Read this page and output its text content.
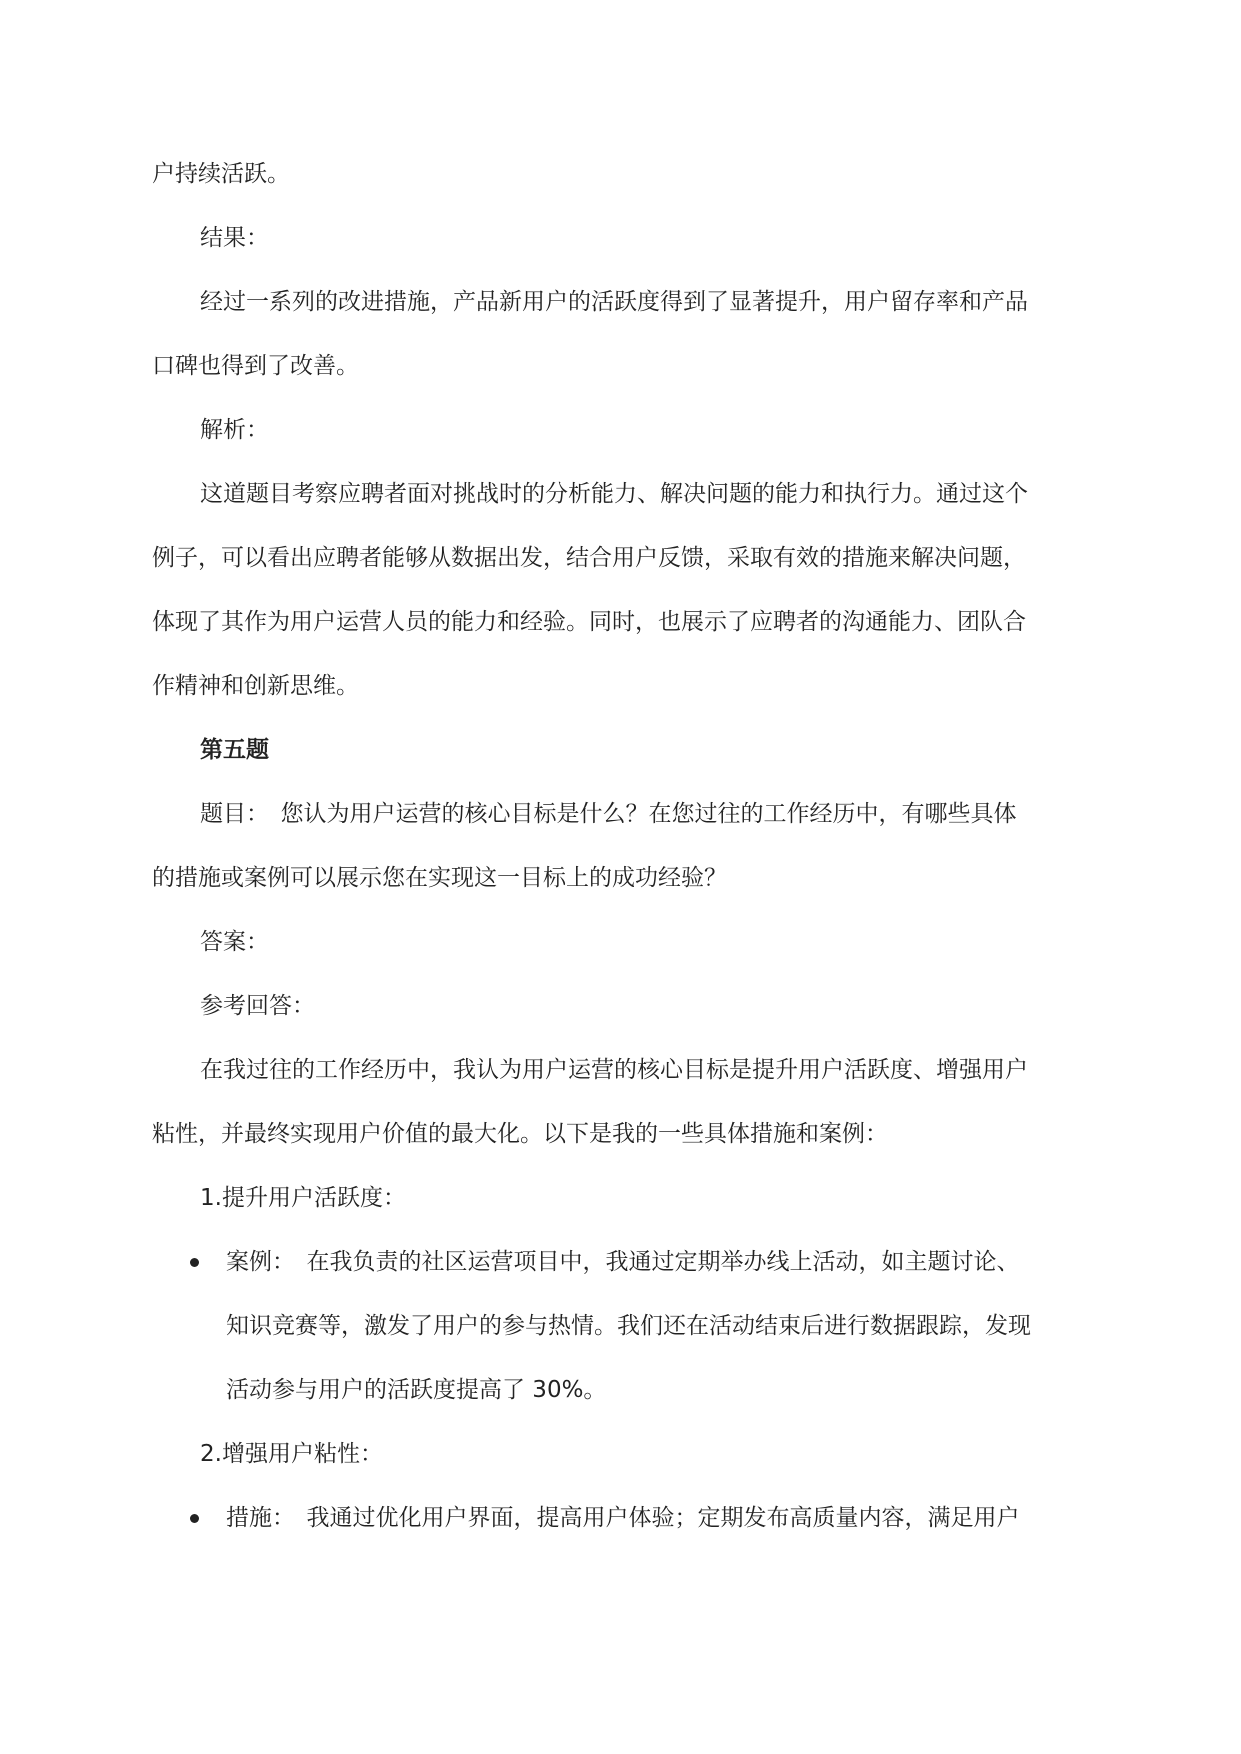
户持续活跃。
结果：
经过一系列的改进措施，产品新用户的活跃度得到了显著提升，用户留存率和产品
口碑也得到了改善。
解析：
这道题目考察应聘者面对挑战时的分析能力、解决问题的能力和执行力。通过这个
例子，可以看出应聘者能够从数据出发，结合用户反馈，采取有效的措施来解决问题，
体现了其作为用户运营人员的能力和经验。同时，也展示了应聘者的沟通能力、团队合
作精神和创新思维。
第五题
题目：　您认为用户运营的核心目标是什么？在您过往的工作经历中，有哪些具体
的措施或案例可以展示您在实现这一目标上的成功经验？
答案：
参考回答：
在我过往的工作经历中，我认为用户运营的核心目标是提升用户活跃度、增强用户
粘性，并最终实现用户价值的最大化。以下是我的一些具体措施和案例：
1.提升用户活跃度：
案例：　在我负责的社区运营项目中，我通过定期举办线上活动，如主题讨论、
知识竞赛等，激发了用户的参与热情。我们还在活动结束后进行数据跟踪，发现
活动参与用户的活跃度提高了 30%。
2.增强用户粘性：
措施：　我通过优化用户界面，提高用户体验；定期发布高质量内容，满足用户
